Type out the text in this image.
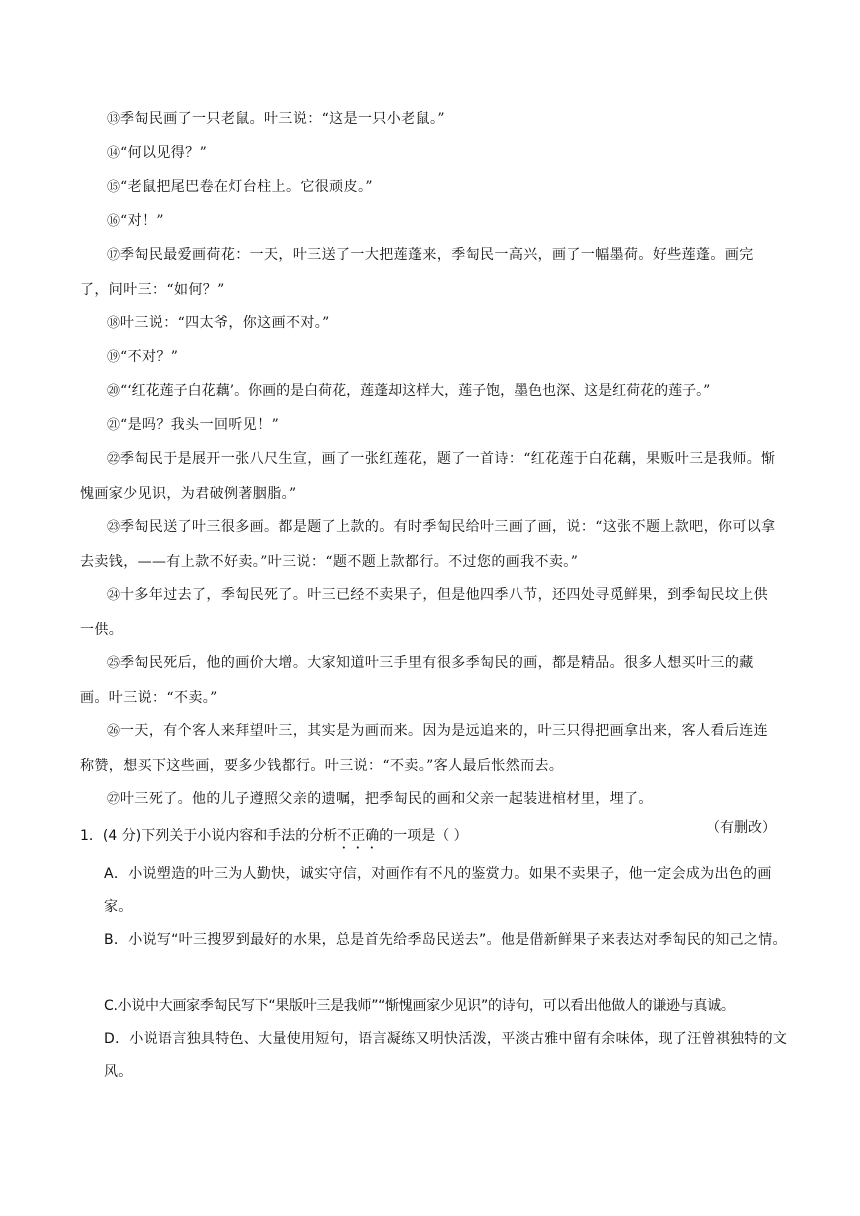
⑬季匋民画了一只老鼠。叶三说：“这是一只小老鼠。”

⑭“何以见得？”

⑮“老鼠把尾巴卷在灯台柱上。它很顽皮。”

⑯“对！”

⑰季匋民最爱画荷花：一天，叶三送了一大把莲蓬来，季匋民一高兴，画了一幅墨荷。好些莲蓬。画完了，问叶三：“如何？”

⑱叶三说：“四太爷，你这画不对。”

⑲“不对？”

⑳“‘红花莲子白花藕’。你画的是白荷花，莲蓬却这样大，莲子饱，墨色也深、这是红荷花的莲子。”

㉑“是吗？我头一回听见！”

㉒季匋民于是展开一张八尺生宣，画了一张红莲花，题了一首诗：“红花莲于白花藕，果贩叶三是我师。惭愧画家少见识，为君破例著胭脂。”

㉓季匋民送了叶三很多画。都是题了上款的。有时季匋民给叶三画了画，说：“这张不题上款吧，你可以拿去卖钱，——有上款不好卖。”叶三说：“题不题上款都行。不过您的画我不卖。”

㉔十多年过去了，季匋民死了。叶三已经不卖果子，但是他四季八节，还四处寻觅鲜果，到季匋民坟上供一供。

㉕季匋民死后，他的画价大增。大家知道叶三手里有很多季匋民的画，都是精品。很多人想买叶三的藏画。叶三说：“不卖。”

㉖一天，有个客人来拜望叶三，其实是为画而来。因为是远追来的，叶三只得把画拿出来，客人看后连连称赞，想买下这些画，要多少钱都行。叶三说：“不卖。”客人最后怅然而去。

㉗叶三死了。他的儿子遵照父亲的遗嘱，把季匋民的画和父亲一起装进棺材里，埋了。

（有删改）
1．(4 分)下列关于小说内容和手法的分析不正确的一项是（ ）
A．小说塑造的叶三为人勤快，诚实守信，对画作有不凡的鉴赏力。如果不卖果子，他一定会成为出色的画家。
B．小说写“叶三搜罗到最好的水果，总是首先给季岛民送去”。他是借新鲜果子来表达对季匋民的知己之情。
C.小说中大画家季匋民写下“果版叶三是我师”“惭愧画家少见识”的诗句，可以看出他做人的谦逊与真诚。
D．小说语言独具特色、大量使用短句，语言凝练又明快活泼，平淡古雅中留有余味体，现了汪曾祺独特的文风。
